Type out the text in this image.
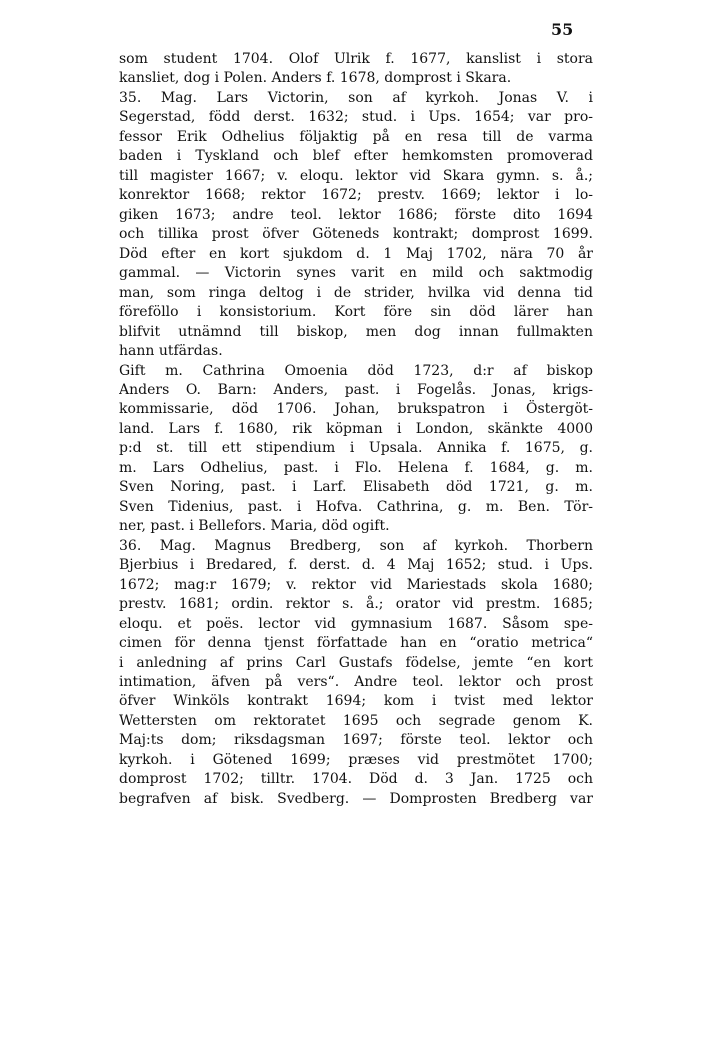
55
som student 1704. Olof Ulrik f. 1677, kanslist i stora
kansliet, dog i Polen. Anders f. 1678, domprost i Skara.
35. Mag. Lars Victorin, son af kyrkoh. Jonas V. i
Segerstad, född derst. 1632; stud. i Ups. 1654; var pro-
fessor Erik Odhelius följaktig på en resa till de varma
baden i Tyskland och blef efter hemkomsten promoverad
till magister 1667; v. eloqu. lektor vid Skara gymn. s. å.;
konrektor 1668; rektor 1672; prestv. 1669; lektor i lo-
giken 1673; andre teol. lektor 1686; förste dito 1694
och tillika prost öfver Göteneds kontrakt; domprost 1699.
Död efter en kort sjukdom d. 1 Maj 1702, nära 70 år
gammal. — Victorin synes varit en mild och saktmodig
man, som ringa deltog i de strider, hvilka vid denna tid
föreföllo i konsistorium. Kort före sin död lärer han
blifvit utnämnd till biskop, men dog innan fullmakten
hann utfärdas.
Gift m. Cathrina Omoenia död 1723, d:r af biskop
Anders O. Barn: Anders, past. i Fogelås. Jonas, krigs-
kommissarie, död 1706. Johan, brukspatron i Östergöt-
land. Lars f. 1680, rik köpman i London, skänkte 4000
p:d st. till ett stipendium i Upsala. Annika f. 1675, g.
m. Lars Odhelius, past. i Flo. Helena f. 1684, g. m.
Sven Noring, past. i Larf. Elisabeth död 1721, g. m.
Sven Tidenius, past. i Hofva. Cathrina, g. m. Ben. Tör-
ner, past. i Bellefors. Maria, död ogift.
36. Mag. Magnus Bredberg, son af kyrkoh. Thorbern
Bjerbius i Bredared, f. derst. d. 4 Maj 1652; stud. i Ups.
1672; mag:r 1679; v. rektor vid Mariestads skola 1680;
prestv. 1681; ordin. rektor s. å.; orator vid prestm. 1685;
eloqu. et poës. lector vid gymnasium 1687. Såsom spe-
cimen för denna tjenst författade han en “oratio metrica“
i anledning af prins Carl Gustafs födelse, jemte “en kort
intimation, äfven på vers“. Andre teol. lektor och prost
öfver Winköls kontrakt 1694; kom i tvist med lektor
Wettersten om rektoratet 1695 och segrade genom K.
Maj:ts dom; riksdagsman 1697; förste teol. lektor och
kyrkoh. i Götened 1699; præses vid prestmötet 1700;
domprost 1702; tilltr. 1704. Död d. 3 Jan. 1725 och
begrafven af bisk. Svedberg. — Domprosten Bredberg var
